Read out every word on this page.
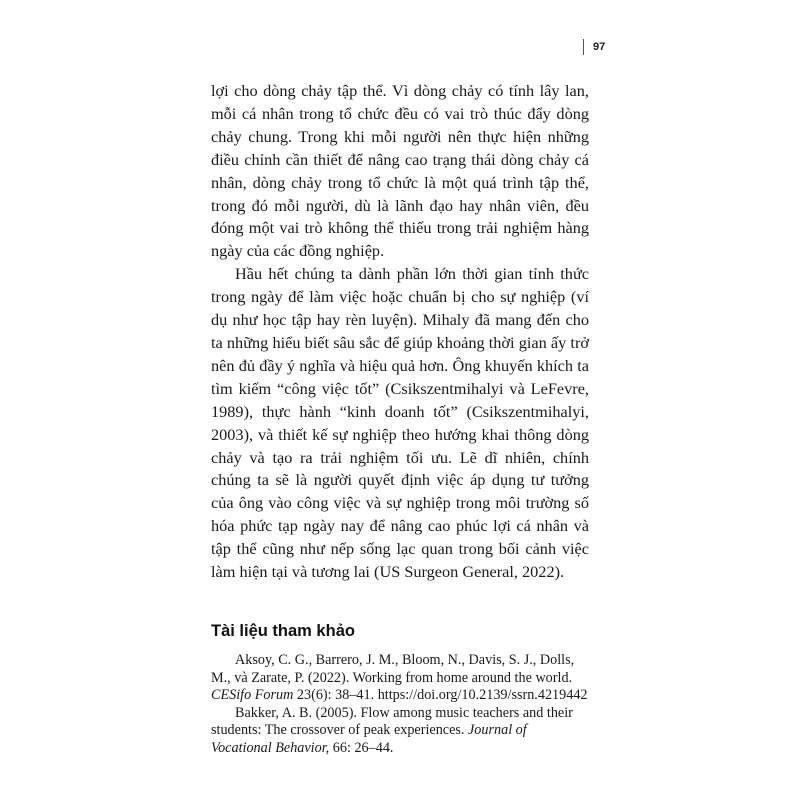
97

lợi cho dòng chảy tập thể. Vì dòng chảy có tính lây lan, mỗi cá nhân trong tổ chức đều có vai trò thúc đẩy dòng chảy chung. Trong khi mỗi người nên thực hiện những điều chỉnh cần thiết để nâng cao trạng thái dòng chảy cá nhân, dòng chảy trong tổ chức là một quá trình tập thể, trong đó mỗi người, dù là lãnh đạo hay nhân viên, đều đóng một vai trò không thể thiếu trong trải nghiệm hàng ngày của các đồng nghiệp.

Hầu hết chúng ta dành phần lớn thời gian tỉnh thức trong ngày để làm việc hoặc chuẩn bị cho sự nghiệp (ví dụ như học tập hay rèn luyện). Mihaly đã mang đến cho ta những hiểu biết sâu sắc để giúp khoảng thời gian ấy trở nên đủ đầy ý nghĩa và hiệu quả hơn. Ông khuyến khích ta tìm kiếm “công việc tốt” (Csikszentmihalyi và LeFevre, 1989), thực hành “kinh doanh tốt” (Csikszentmihalyi, 2003), và thiết kế sự nghiệp theo hướng khai thông dòng chảy và tạo ra trải nghiệm tối ưu. Lẽ dĩ nhiên, chính chúng ta sẽ là người quyết định việc áp dụng tư tưởng của ông vào công việc và sự nghiệp trong môi trường số hóa phức tạp ngày nay để nâng cao phúc lợi cá nhân và tập thể cũng như nếp sống lạc quan trong bối cảnh việc làm hiện tại và tương lai (US Surgeon General, 2022).

Tài liệu tham khảo

Aksoy, C. G., Barrero, J. M., Bloom, N., Davis, S. J., Dolls, M., và Zarate, P. (2022). Working from home around the world. CESifo Forum 23(6): 38–41. https://doi.org/10.2139/ssrn.4219442

Bakker, A. B. (2005). Flow among music teachers and their students: The crossover of peak experiences. Journal of Vocational Behavior, 66: 26–44.
